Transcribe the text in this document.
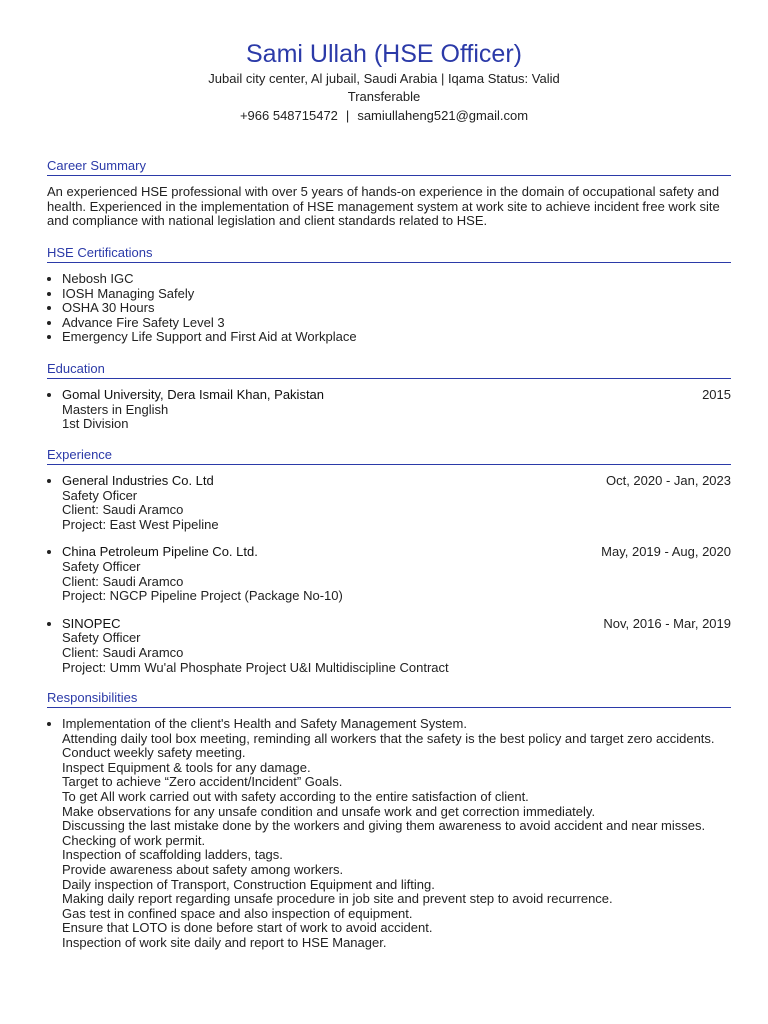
Sami Ullah (HSE Officer)
Jubail city center, Al jubail, Saudi Arabia | Iqama Status: Valid
Transferable
+966 548715472 | samiullaheng521@gmail.com
Career Summary

An experienced HSE professional with over 5 years of hands-on experience in the domain of occupational safety and health. Experienced in the implementation of HSE management system at work site to achieve incident free work site and compliance with national legislation and client standards related to HSE.

HSE Certifications
• Nebosh IGC
• IOSH Managing Safely
• OSHA 30 Hours
• Advance Fire Safety Level 3
• Emergency Life Support and First Aid at Workplace
Education
• Gomal University, Dera Ismail Khan, Pakistan	2015
Masters in English
1st Division
Experience
• General Industries Co. Ltd	Oct, 2020 - Jan, 2023
Safety Oficer
Client: Saudi Aramco
Project: East West Pipeline
• China Petroleum Pipeline Co. Ltd.	May, 2019 - Aug, 2020
Safety Officer
Client: Saudi Aramco
Project: NGCP Pipeline Project (Package No-10)
• SINOPEC	Nov, 2016 - Mar, 2019
Safety Officer
Client: Saudi Aramco
Project: Umm Wu'al Phosphate Project U&I Multidiscipline Contract
Responsibilities
• Implementation of the client's Health and Safety Management System.
Attending daily tool box meeting, reminding all workers that the safety is the best policy and target zero accidents.
Conduct weekly safety meeting.
Inspect Equipment & tools for any damage.
Target to achieve “Zero accident/Incident” Goals.
To get All work carried out with safety according to the entire satisfaction of client.
Make observations for any unsafe condition and unsafe work and get correction immediately.
Discussing the last mistake done by the workers and giving them awareness to avoid accident and near misses.
Checking of work permit.
Inspection of scaffolding ladders, tags.
Provide awareness about safety among workers.
Daily inspection of Transport, Construction Equipment and lifting.
Making daily report regarding unsafe procedure in job site and prevent step to avoid recurrence.
Gas test in confined space and also inspection of equipment.
Ensure that LOTO is done before start of work to avoid accident.
Inspection of work site daily and report to HSE Manager.
